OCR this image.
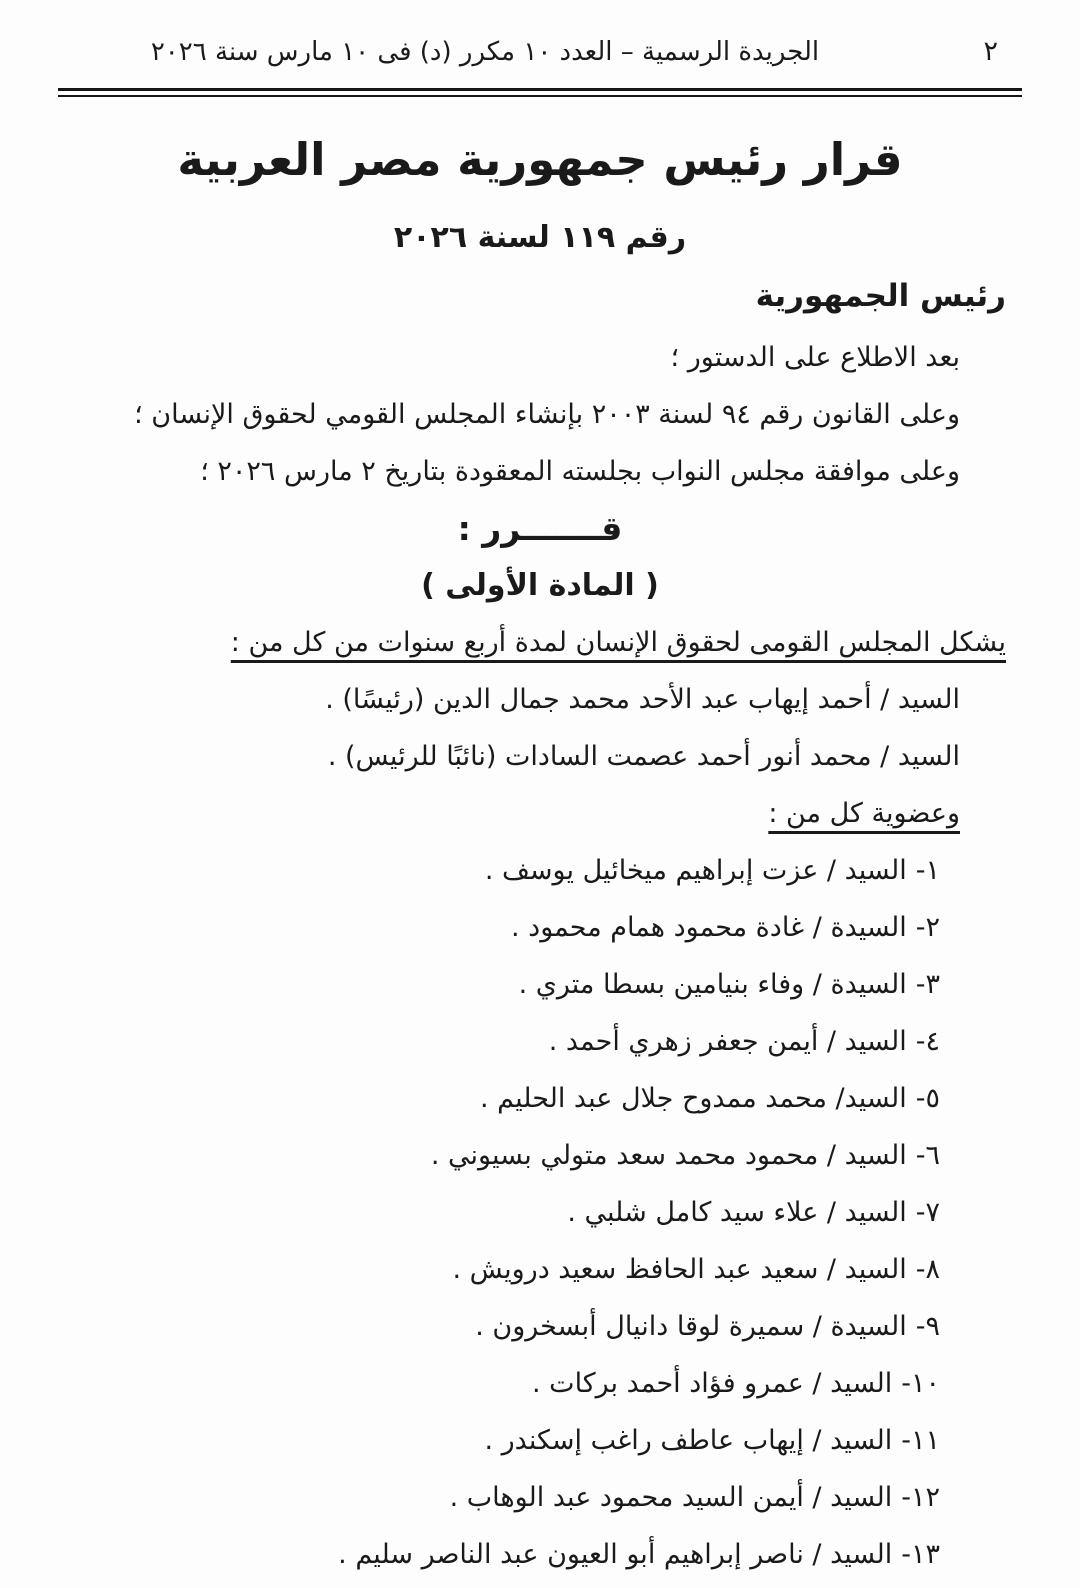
الجريدة الرسمية – العدد ١٠ مكرر (د) فى ١٠ مارس سنة ٢٠٢٦	٢
قرار رئيس جمهورية مصر العربية
رقم ١١٩ لسنة ٢٠٢٦
رئيس الجمهورية
بعد الاطلاع على الدستور ؛
وعلى القانون رقم ٩٤ لسنة ٢٠٠٣ بإنشاء المجلس القومي لحقوق الإنسان ؛
وعلى موافقة مجلس النواب بجلسته المعقودة بتاريخ ٢ مارس ٢٠٢٦ ؛
قـــــــرر :
( المادة الأولى )
يشكل المجلس القومى لحقوق الإنسان لمدة أربع سنوات من كل من :
السيد / أحمد إيهاب عبد الأحد محمد جمال الدين (رئيسًا) .
السيد / محمد أنور أحمد عصمت السادات (نائبًا للرئيس) .
وعضوية كل من :
١-السيد / عزت إبراهيم ميخائيل يوسف .
٢-السيدة / غادة محمود همام محمود .
٣-السيدة / وفاء بنيامين بسطا متري .
٤-السيد / أيمن جعفر زهري أحمد .
٥-السيد/ محمد ممدوح جلال عبد الحليم .
٦-السيد / محمود محمد سعد متولي بسيوني .
٧-السيد / علاء سيد كامل شلبي .
٨-السيد / سعيد عبد الحافظ سعيد درويش .
٩-السيدة / سميرة لوقا دانيال أبسخرون .
١٠-السيد / عمرو فؤاد أحمد بركات .
١١-السيد / إيهاب عاطف راغب إسكندر .
١٢-السيد / أيمن السيد محمود عبد الوهاب .
١٣-السيد / ناصر إبراهيم أبو العيون عبد الناصر سليم .
